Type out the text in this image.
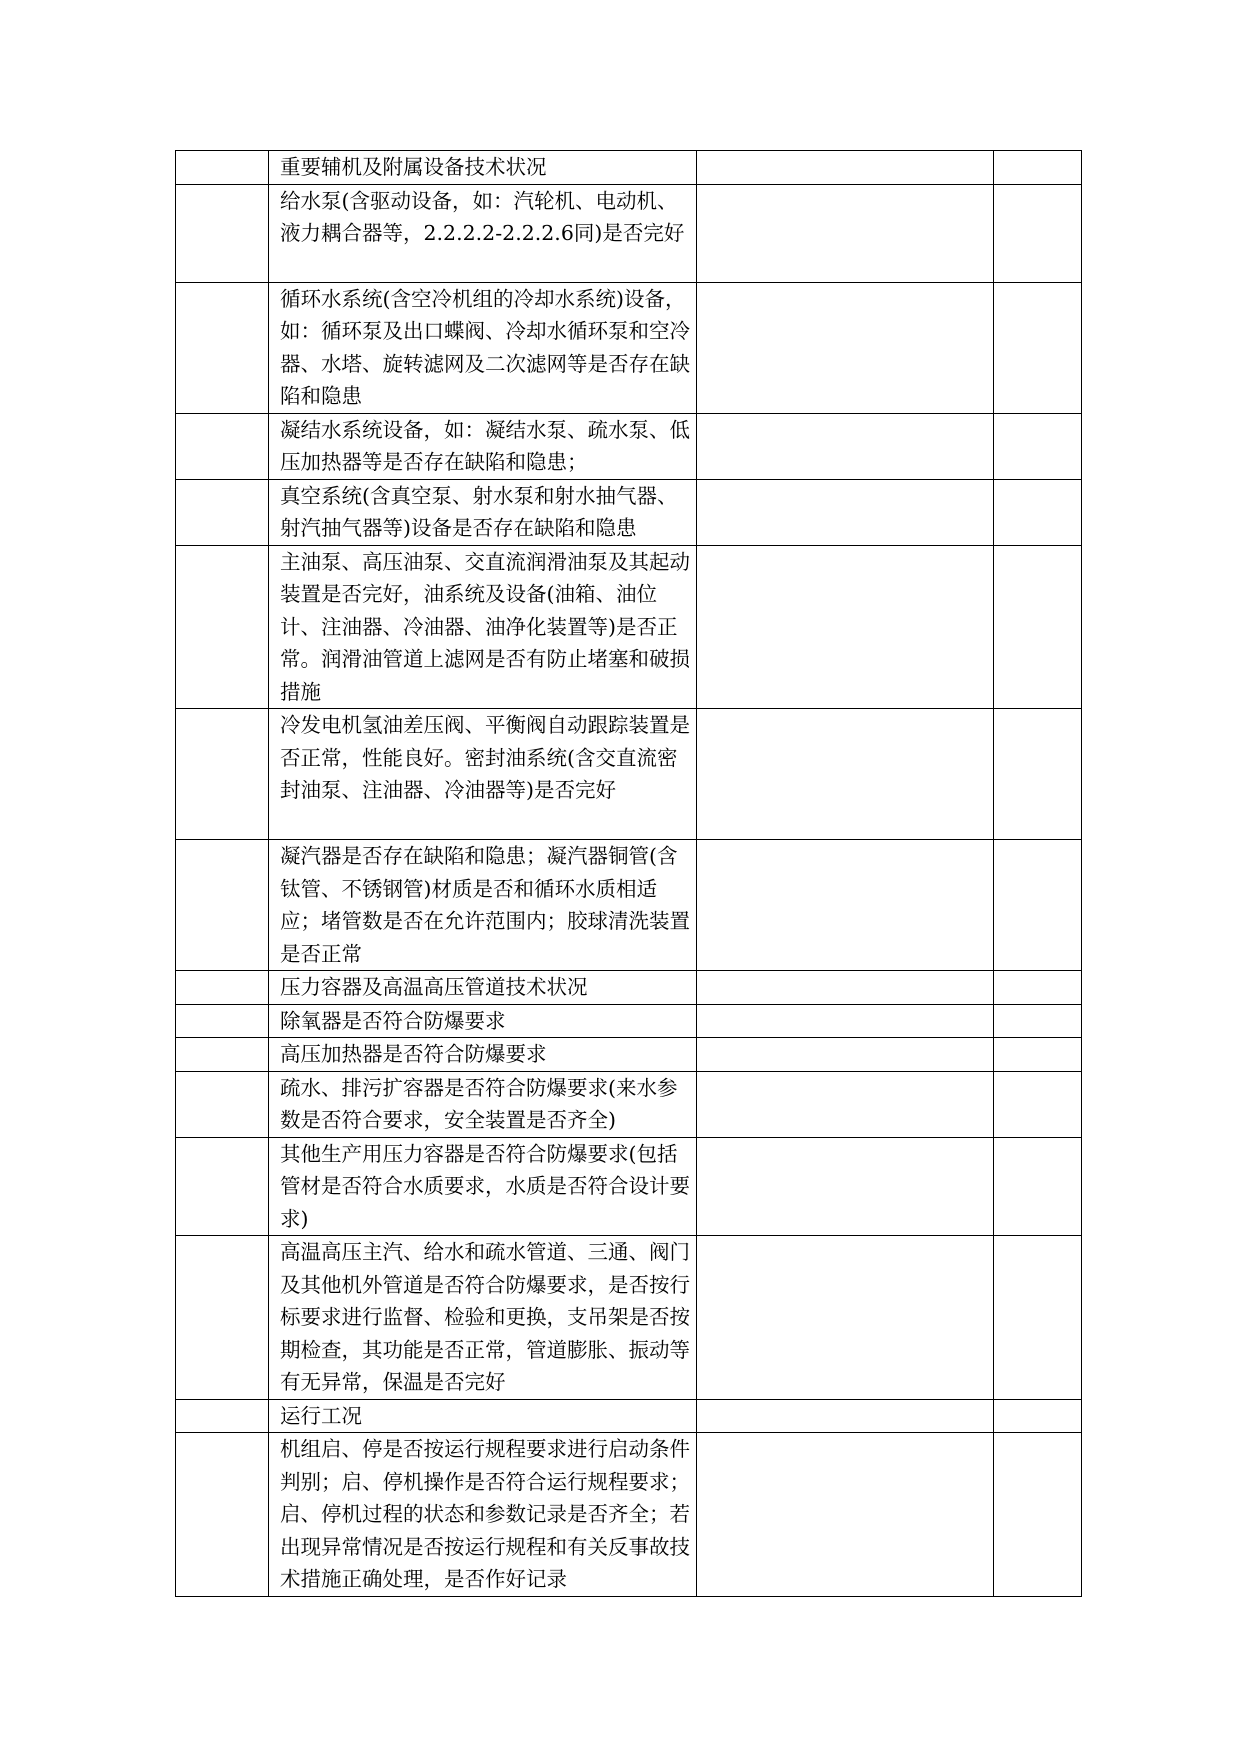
	重要辅机及附属设备技术状况		
	给水泵(含驱动设备，如：汽轮机、电动机、液力耦合器等，2.2.2.2-2.2.2.6同)是否完好		
	循环水系统(含空冷机组的冷却水系统)设备，如：循环泵及出口蝶阀、冷却水循环泵和空冷器、水塔、旋转滤网及二次滤网等是否存在缺陷和隐患		
	凝结水系统设备，如：凝结水泵、疏水泵、低压加热器等是否存在缺陷和隐患；		
	真空系统(含真空泵、射水泵和射水抽气器、射汽抽气器等)设备是否存在缺陷和隐患		
	主油泵、高压油泵、交直流润滑油泵及其起动装置是否完好，油系统及设备(油箱、油位计、注油器、冷油器、油净化装置等)是否正常。润滑油管道上滤网是否有防止堵塞和破损措施		
	冷发电机氢油差压阀、平衡阀自动跟踪装置是否正常，性能良好。密封油系统(含交直流密封油泵、注油器、冷油器等)是否完好		
	凝汽器是否存在缺陷和隐患；凝汽器铜管(含钛管、不锈钢管)材质是否和循环水质相适应；堵管数是否在允许范围内；胶球清洗装置是否正常		
	压力容器及高温高压管道技术状况		
	除氧器是否符合防爆要求		
	高压加热器是否符合防爆要求		
	疏水、排污扩容器是否符合防爆要求(来水参数是否符合要求，安全装置是否齐全)		
	其他生产用压力容器是否符合防爆要求(包括管材是否符合水质要求，水质是否符合设计要求)		
	高温高压主汽、给水和疏水管道、三通、阀门及其他机外管道是否符合防爆要求，是否按行标要求进行监督、检验和更换，支吊架是否按期检查，其功能是否正常，管道膨胀、振动等有无异常，保温是否完好		
	运行工况		
	机组启、停是否按运行规程要求进行启动条件判别；启、停机操作是否符合运行规程要求；启、停机过程的状态和参数记录是否齐全；若出现异常情况是否按运行规程和有关反事故技术措施正确处理，是否作好记录		
